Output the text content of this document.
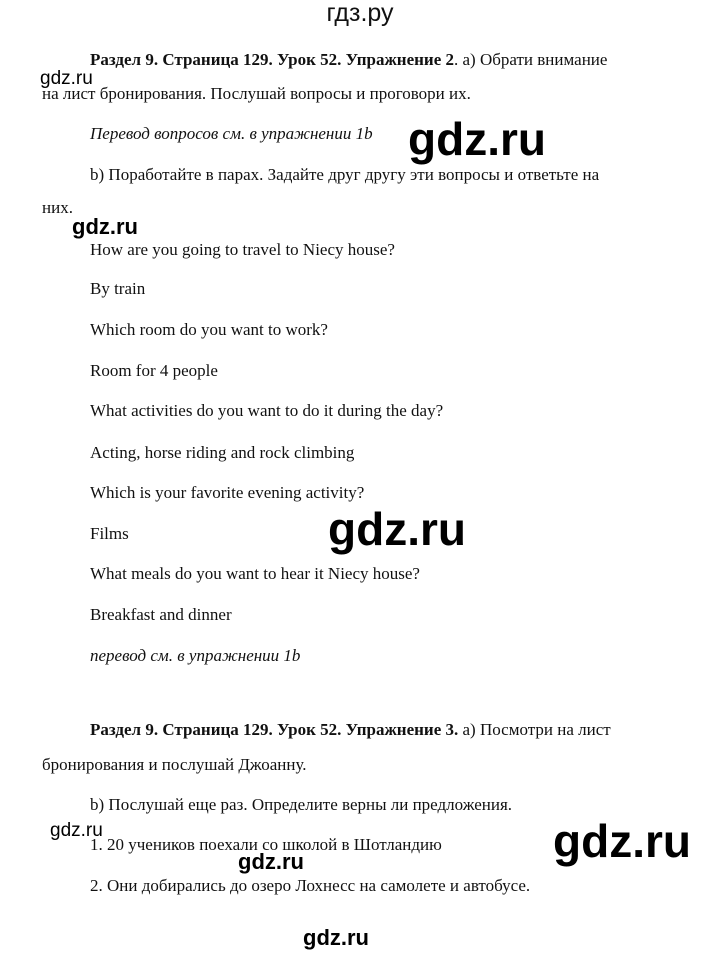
гдз.ру
Раздел 9. Страница 129. Урок 52. Упражнение 2. a) Обрати внимание
на лист бронирования. Послушай вопросы и проговори их.
Перевод вопросов см. в упражнении 1b
b) Поработайте в парах. Задайте друг другу эти вопросы и ответьте на
них.
How are you going to travel to Niecy house?
By train
Which room do you want to work?
Room for 4 people
What activities do you want to do it during the day?
Acting, horse riding and rock climbing
Which is your favorite evening activity?
Films
What meals do you want to hear it Niecy house?
Breakfast and dinner
перевод см. в упражнении 1b
Раздел 9. Страница 129. Урок 52. Упражнение 3. a) Посмотри на лист
бронирования и послушай Джоанну.
b) Послушай еще раз. Определите верны ли предложения.
1. 20 учеников поехали со школой в Шотландию
2. Они добирались до озеро Лохнесс на самолете и автобусе.
gdz.ru
gdz.ru
gdz.ru
gdz.ru
gdz.ru	gdz.ru
gdz.ru
gdz.ru
